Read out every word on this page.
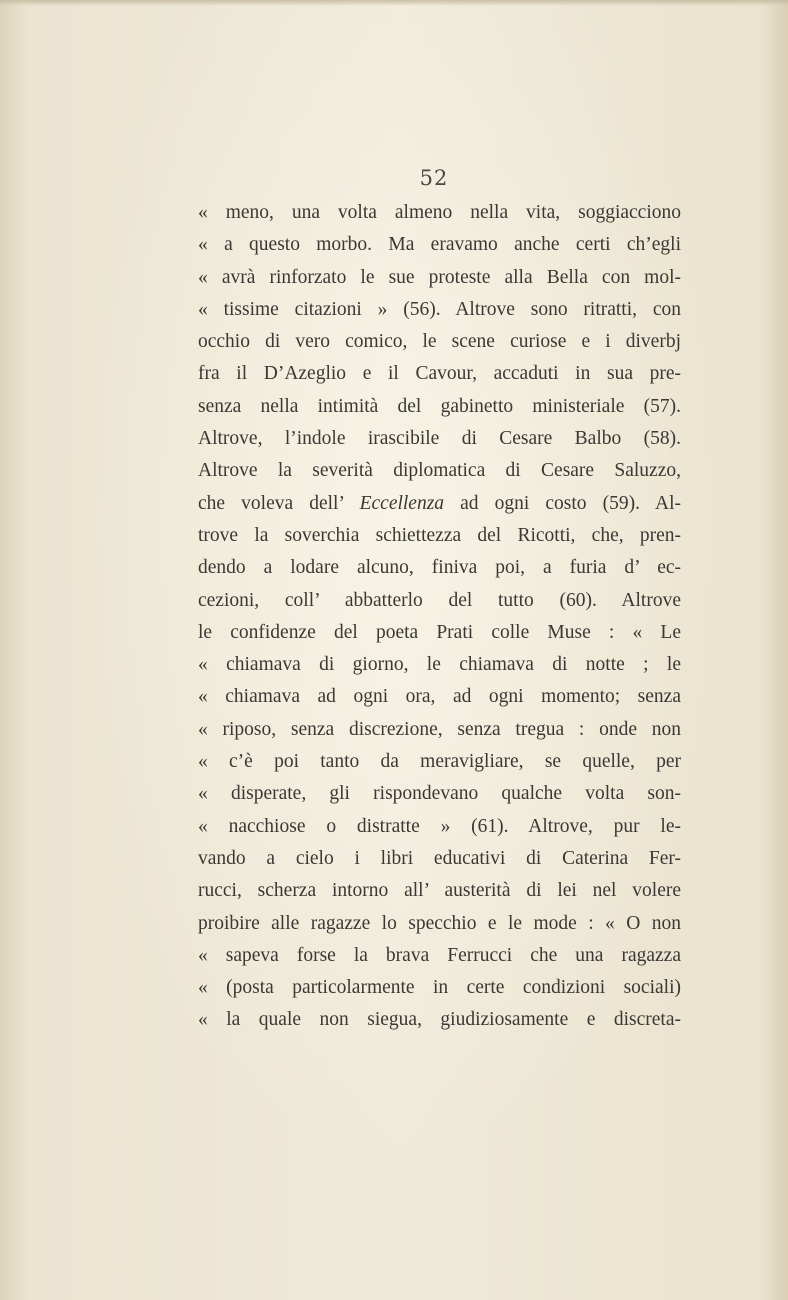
52
« meno, una volta almeno nella vita, soggiacciono
« a questo morbo. Ma eravamo anche certi ch’egli
« avrà rinforzato le sue proteste alla Bella con mol-
« tissime citazioni » (56). Altrove sono ritratti, con
occhio di vero comico, le scene curiose e i diverbj
fra il D’Azeglio e il Cavour, accaduti in sua pre-
senza nella intimità del gabinetto ministeriale (57).
Altrove, l’indole irascibile di Cesare Balbo (58).
Altrove la severità diplomatica di Cesare Saluzzo,
che voleva dell’ Eccellenza ad ogni costo (59). Al-
trove la soverchia schiettezza del Ricotti, che, pren-
dendo a lodare alcuno, finiva poi, a furia d’ ec-
cezioni, coll’ abbatterlo del tutto (60). Altrove
le confidenze del poeta Prati colle Muse : « Le
« chiamava di giorno, le chiamava di notte ; le
« chiamava ad ogni ora, ad ogni momento; senza
« riposo, senza discrezione, senza tregua : onde non
« c’è poi tanto da meravigliare, se quelle, per
« disperate, gli rispondevano qualche volta son-
« nacchiose o distratte » (61). Altrove, pur le-
vando a cielo i libri educativi di Caterina Fer-
rucci, scherza intorno all’ austerità di lei nel volere
proibire alle ragazze lo specchio e le mode : « O non
« sapeva forse la brava Ferrucci che una ragazza
« (posta particolarmente in certe condizioni sociali)
« la quale non siegua, giudiziosamente e discreta-
